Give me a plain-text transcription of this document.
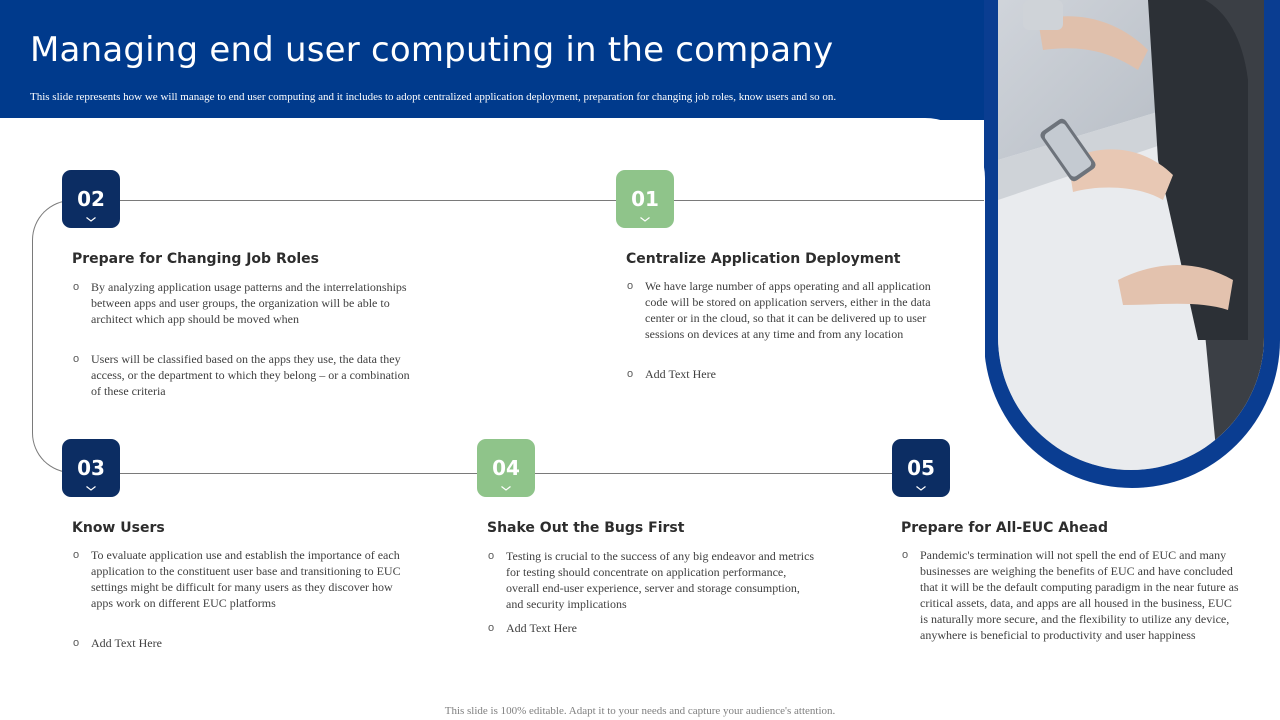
Managing end user computing in the company
This slide represents how we will manage to end user computing and it includes to adopt centralized application deployment, preparation for changing job roles, know users and so on.
02	01
03	04	05
Prepare for Changing Job Roles
o By analyzing application usage patterns and the interrelationships between apps and user groups, the organization will be able to architect which app should be moved when
o Users will be classified based on the apps they use, the data they access, or the department to which they belong – or a combination of these criteria
Centralize Application Deployment
o We have large number of apps operating and all application code will be stored on application servers, either in the data center or in the cloud, so that it can be delivered up to user sessions on devices at any time and from any location
o Add Text Here
Know Users
o To evaluate application use and establish the importance of each application to the constituent user base and transitioning to EUC settings might be difficult for many users as they discover how apps work on different EUC platforms
o Add Text Here
Shake Out the Bugs First
o Testing is crucial to the success of any big endeavor and metrics for testing should concentrate on application performance, overall end-user experience, server and storage consumption, and security implications
o Add Text Here
Prepare for All-EUC Ahead
o Pandemic's termination will not spell the end of EUC and many businesses are weighing the benefits of EUC and have concluded that it will be the default computing paradigm in the near future as critical assets, data, and apps are all housed in the business, EUC is naturally more secure, and the flexibility to utilize any device, anywhere is beneficial to productivity and user happiness
This slide is 100% editable. Adapt it to your needs and capture your audience's attention.
